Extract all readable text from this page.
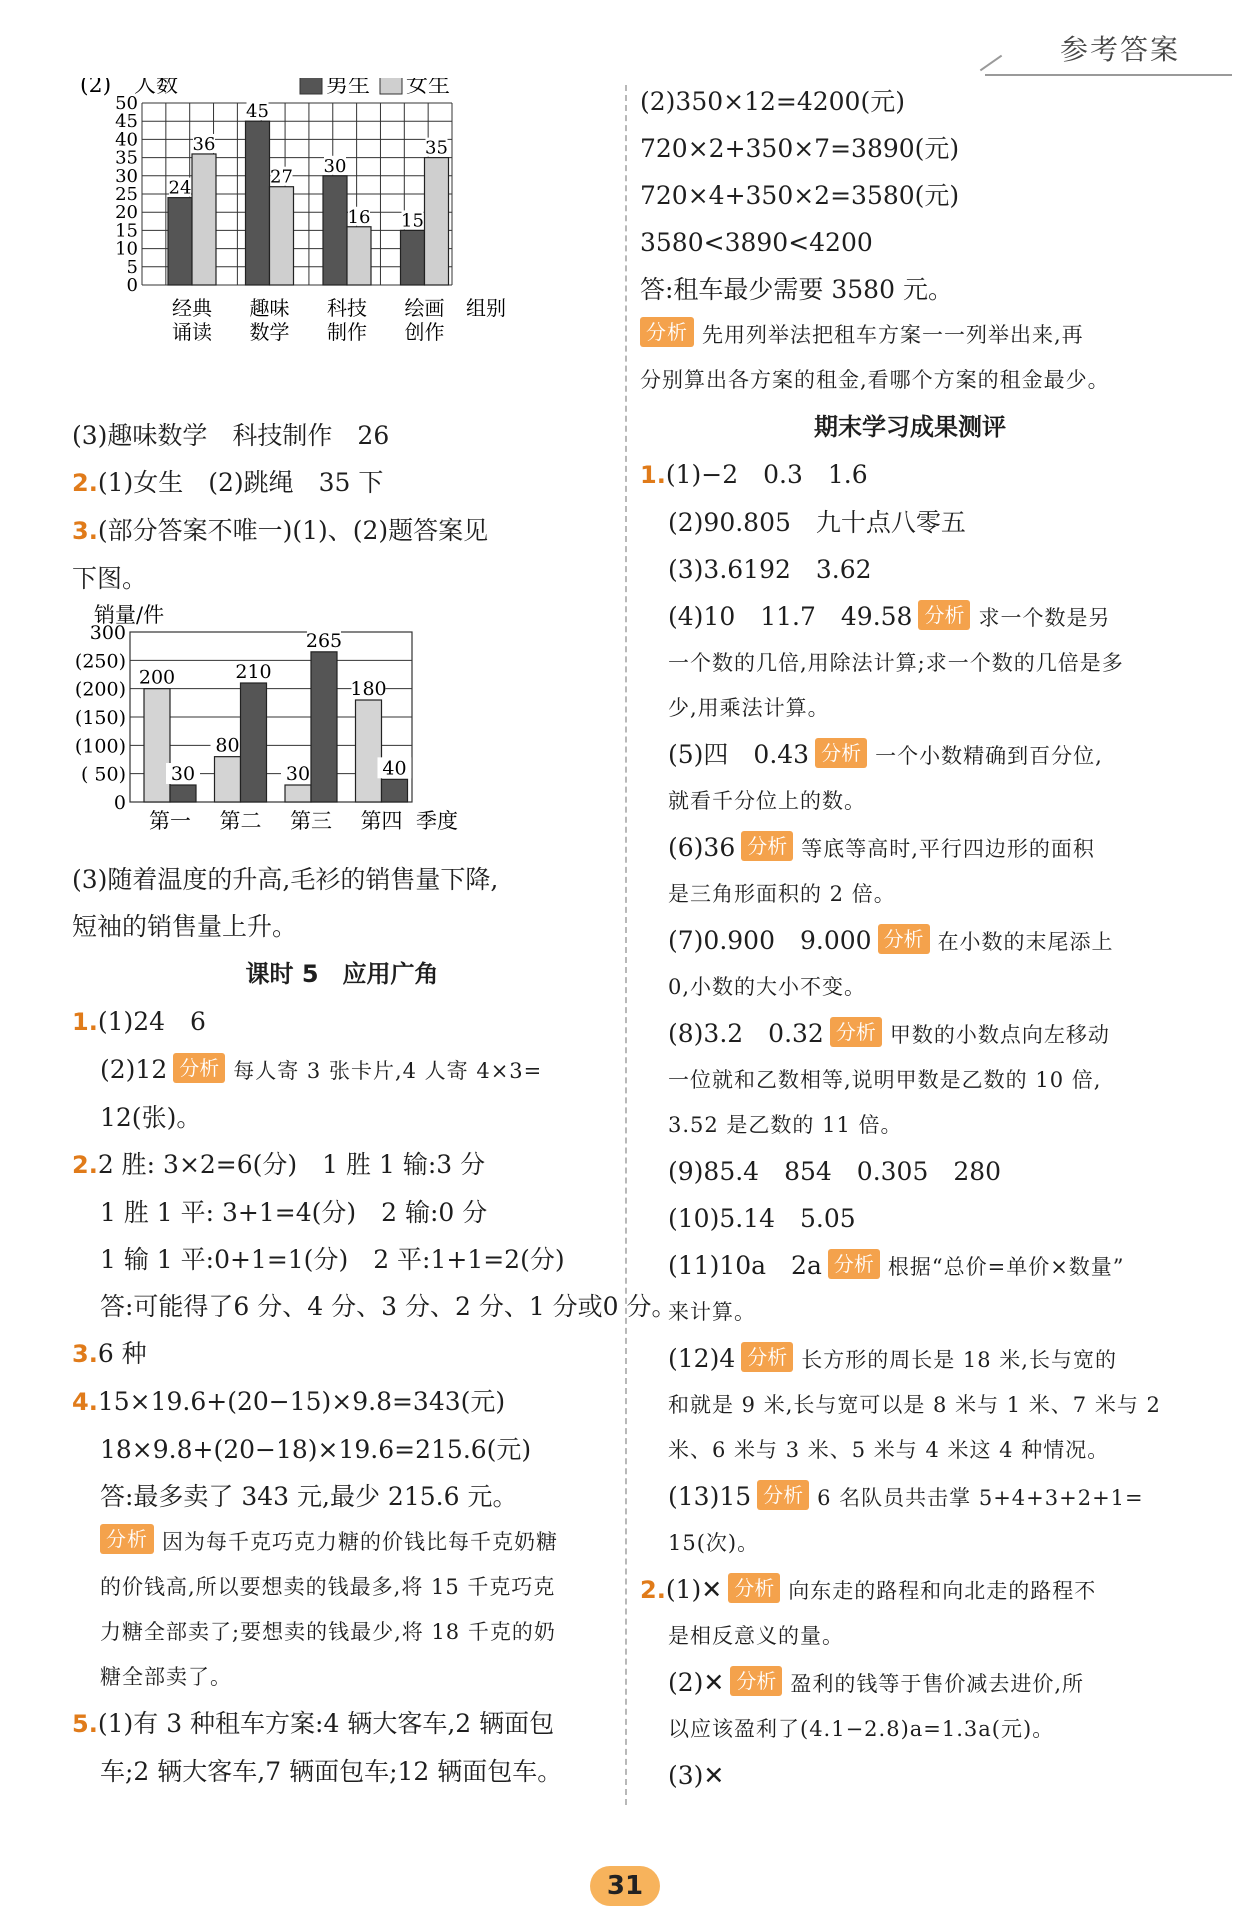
参考答案
(2) 人数	男生 女生
0
5
10
15
20
25
30
35
40
45
50
24
36
经典
诵读
45
27
趣味
数学
30
16
科技
制作
15
35
绘画
创作
组别
(3)趣味数学　科技制作　26
2.(1)女生　(2)跳绳　35 下
3.(部分答案不唯一)(1)、(2)题答案见
下图。
销量/件
0
( 50)
(100)
(150)
(200)
(250)
300
200
30
第一
80
210
第二
30
265
第三
180
40
第四 季度
(3)随着温度的升高,毛衫的销售量下降,
短袖的销售量上升。
课时 5　应用广角
1.(1)24　6
(2)12 分析 每人寄 3 张卡片,4 人寄 4×3=
12(张)。
2.2 胜: 3×2=6(分)　1 胜 1 输:3 分
1 胜 1 平: 3+1=4(分)　2 输:0 分
1 输 1 平:0+1=1(分)　2 平:1+1=2(分)
答:可能得了6 分、4 分、3 分、2 分、1 分或0 分。
3.6 种
4.15×19.6+(20−15)×9.8=343(元)
18×9.8+(20−18)×19.6=215.6(元)
答:最多卖了 343 元,最少 215.6 元。
分析 因为每千克巧克力糖的价钱比每千克奶糖
的价钱高,所以要想卖的钱最多,将 15 千克巧克
力糖全部卖了;要想卖的钱最少,将 18 千克的奶
糖全部卖了。
5.(1)有 3 种租车方案:4 辆大客车,2 辆面包
车;2 辆大客车,7 辆面包车;12 辆面包车。
(2)350×12=4200(元)
720×2+350×7=3890(元)
720×4+350×2=3580(元)
3580<3890<4200
答:租车最少需要 3580 元。
分析 先用列举法把租车方案一一列举出来,再
分别算出各方案的租金,看哪个方案的租金最少。
期末学习成果测评
1.(1)−2　0.3　1.6
(2)90.805　九十点八零五
(3)3.6192　3.62
(4)10　11.7　49.58 分析 求一个数是另
一个数的几倍,用除法计算;求一个数的几倍是多
少,用乘法计算。
(5)四　0.43 分析 一个小数精确到百分位,
就看千分位上的数。
(6)36 分析 等底等高时,平行四边形的面积
是三角形面积的 2 倍。
(7)0.900　9.000 分析 在小数的末尾添上
0,小数的大小不变。
(8)3.2　0.32 分析 甲数的小数点向左移动
一位就和乙数相等,说明甲数是乙数的 10 倍,
3.52 是乙数的 11 倍。
(9)85.4　854　0.305　280
(10)5.14　5.05
(11)10a　2a 分析 根据“总价=单价×数量”
来计算。
(12)4 分析 长方形的周长是 18 米,长与宽的
和就是 9 米,长与宽可以是 8 米与 1 米、7 米与 2
米、6 米与 3 米、5 米与 4 米这 4 种情况。
(13)15 分析 6 名队员共击掌 5+4+3+2+1=
15(次)。
2.(1)✕ 分析 向东走的路程和向北走的路程不
是相反意义的量。
(2)✕ 分析 盈利的钱等于售价减去进价,所
以应该盈利了(4.1−2.8)a=1.3a(元)。
(3)✕
31
